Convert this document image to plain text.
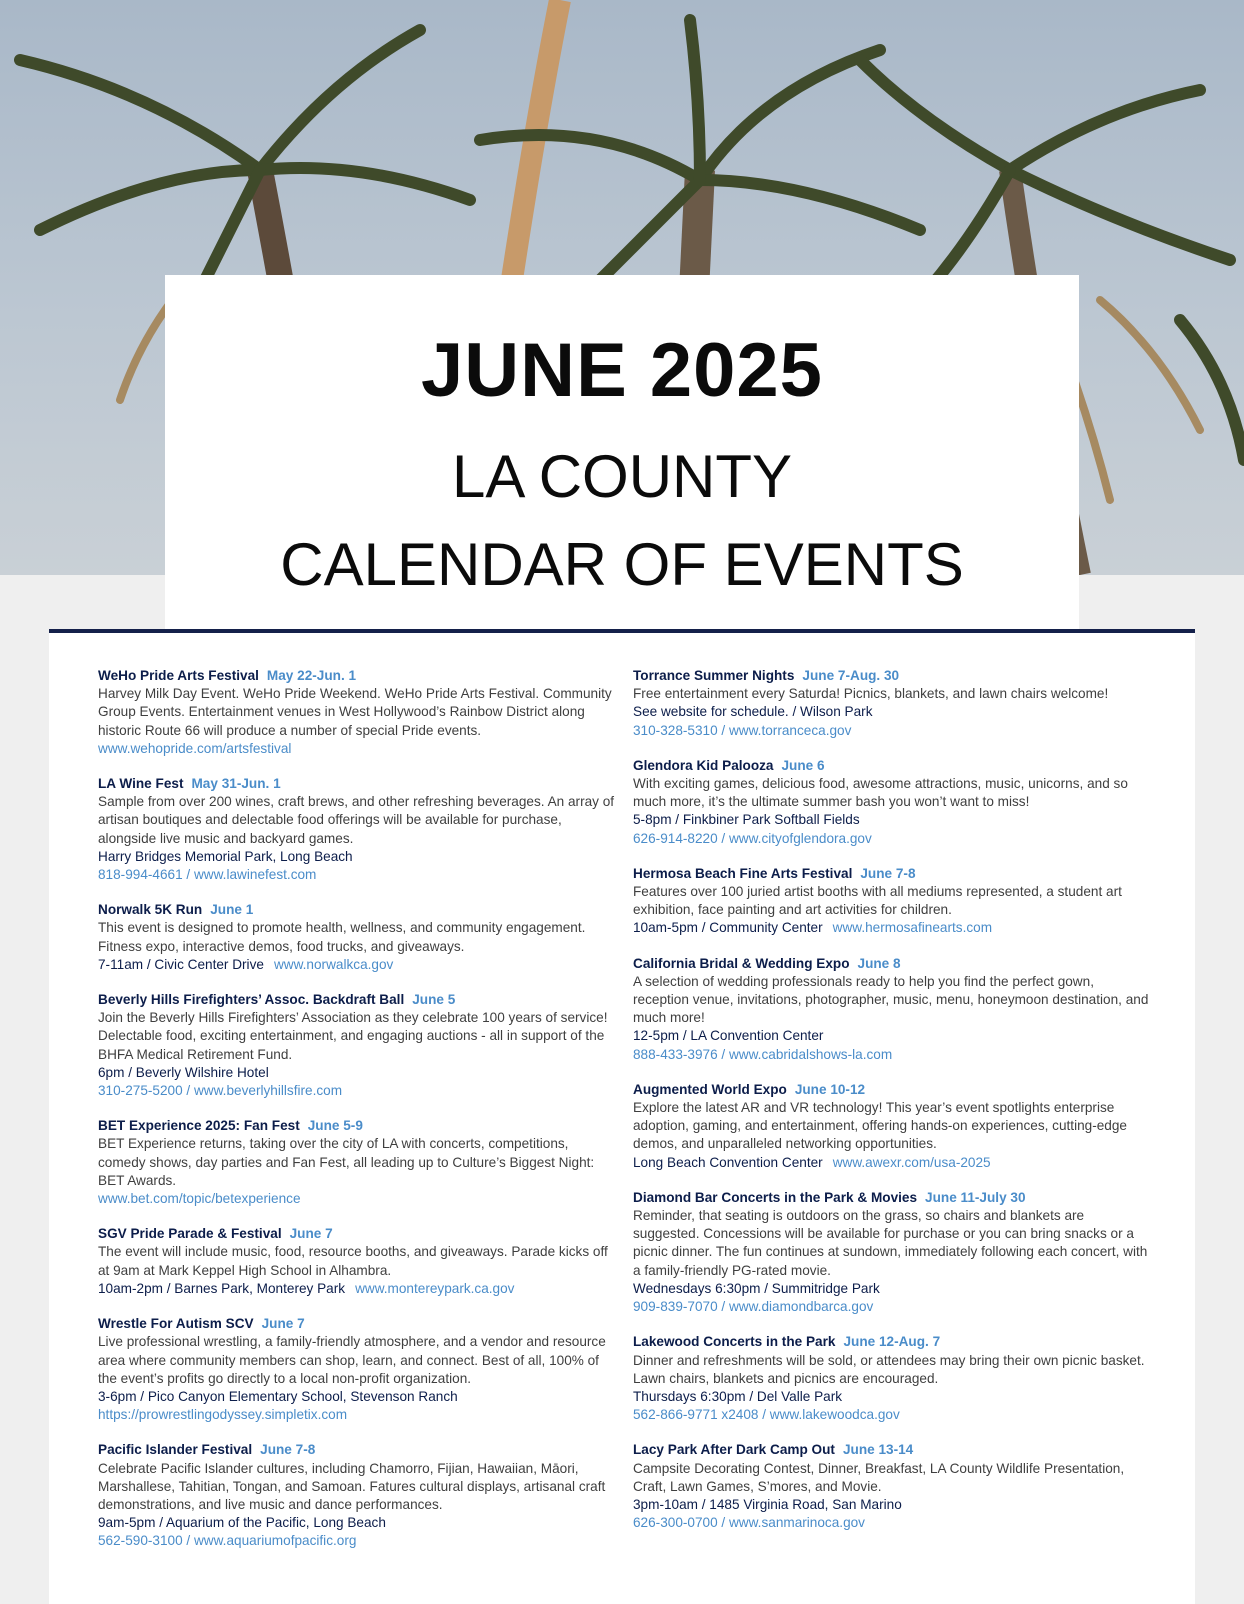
JUNE 2025
LA COUNTY
CALENDAR OF EVENTS

WeHo Pride Arts Festival May 22-Jun. 1

Harvey Milk Day Event. WeHo Pride Weekend. WeHo Pride Arts Festival. Community Group Events. Entertainment venues in West Hollywood’s Rainbow District along historic Route 66 will produce a number of special Pride events.

www.wehopride.com/artsfestival

LA Wine Fest May 31-Jun. 1

Sample from over 200 wines, craft brews, and other refreshing beverages. An array of artisan boutiques and delectable food offerings will be available for purchase, alongside live music and backyard games.

Harry Bridges Memorial Park, Long Beach

818-994-4661 / www.lawinefest.com

Norwalk 5K Run June 1

This event is designed to promote health, wellness, and community engagement. Fitness expo, interactive demos, food trucks, and giveaways.

7-11am / Civic Center Drive www.norwalkca.gov

Beverly Hills Firefighters’ Assoc. Backdraft Ball June 5

Join the Beverly Hills Firefighters’ Association as they celebrate 100 years of service! Delectable food, exciting entertainment, and engaging auctions - all in support of the BHFA Medical Retirement Fund.

6pm / Beverly Wilshire Hotel

310-275-5200 / www.beverlyhillsfire.com

BET Experience 2025: Fan Fest June 5-9

BET Experience returns, taking over the city of LA with concerts, competitions, comedy shows, day parties and Fan Fest, all leading up to Culture’s Biggest Night: BET Awards.

www.bet.com/topic/betexperience

SGV Pride Parade & Festival June 7

The event will include music, food, resource booths, and giveaways. Parade kicks off at 9am at Mark Keppel High School in Alhambra.

10am-2pm / Barnes Park, Monterey Park www.montereypark.ca.gov

Wrestle For Autism SCV June 7

Live professional wrestling, a family-friendly atmosphere, and a vendor and resource area where community members can shop, learn, and connect. Best of all, 100% of the event’s profits go directly to a local non-profit organization.

3-6pm / Pico Canyon Elementary School, Stevenson Ranch

https://prowrestlingodyssey.simpletix.com

Pacific Islander Festival June 7-8

Celebrate Pacific Islander cultures, including Chamorro, Fijian, Hawaiian, Māori, Marshallese, Tahitian, Tongan, and Samoan. Fatures cultural displays, artisanal craft demonstrations, and live music and dance performances.

9am-5pm / Aquarium of the Pacific, Long Beach

562-590-3100 / www.aquariumofpacific.org

Torrance Summer Nights June 7-Aug. 30

Free entertainment every Saturda! Picnics, blankets, and lawn chairs welcome!

See website for schedule. / Wilson Park

310-328-5310 / www.torranceca.gov

Glendora Kid Palooza June 6

With exciting games, delicious food, awesome attractions, music, unicorns, and so much more, it’s the ultimate summer bash you won’t want to miss!

5-8pm / Finkbiner Park Softball Fields

626-914-8220 / www.cityofglendora.gov

Hermosa Beach Fine Arts Festival June 7-8

Features over 100 juried artist booths with all mediums represented, a student art exhibition, face painting and art activities for children.

10am-5pm / Community Center www.hermosafinearts.com

California Bridal & Wedding Expo June 8

A selection of wedding professionals ready to help you find the perfect gown, reception venue, invitations, photographer, music, menu, honeymoon destination, and much more!

12-5pm / LA Convention Center

888-433-3976 / www.cabridalshows-la.com

Augmented World Expo June 10-12

Explore the latest AR and VR technology! This year’s event spotlights enterprise adoption, gaming, and entertainment, offering hands-on experiences, cutting-edge demos, and unparalleled networking opportunities.

Long Beach Convention Center www.awexr.com/usa-2025

Diamond Bar Concerts in the Park & Movies June 11-July 30

Reminder, that seating is outdoors on the grass, so chairs and blankets are suggested. Concessions will be available for purchase or you can bring snacks or a picnic dinner. The fun continues at sundown, immediately following each concert, with a family-friendly PG-rated movie.

Wednesdays 6:30pm / Summitridge Park

909-839-7070 / www.diamondbarca.gov

Lakewood Concerts in the Park June 12-Aug. 7

Dinner and refreshments will be sold, or attendees may bring their own picnic basket. Lawn chairs, blankets and picnics are encouraged.

Thursdays 6:30pm / Del Valle Park

562-866-9771 x2408 / www.lakewoodca.gov

Lacy Park After Dark Camp Out June 13-14

Campsite Decorating Contest, Dinner, Breakfast, LA County Wildlife Presentation, Craft, Lawn Games, S’mores, and Movie.

3pm-10am / 1485 Virginia Road, San Marino

626-300-0700 / www.sanmarinoca.gov
